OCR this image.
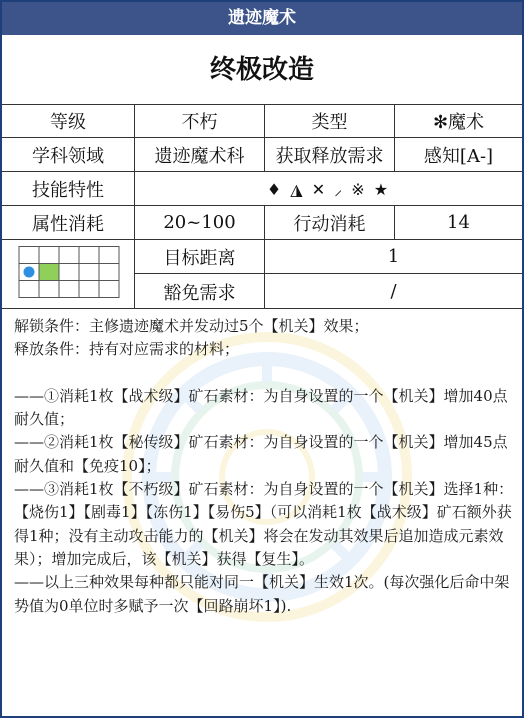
遗迹魔术
终极改造
等级	不朽	类型	✻魔术
学科领域	遗迹魔术科	获取释放需求	感知[A-]
技能特性	♦ ◮ ✕ ⸝ ※ ★
属性消耗	20~100	行动消耗	14
目标距离	1
豁免需求	/

解锁条件：主修遗迹魔术并发动过5个【机关】效果；

释放条件：持有对应需求的材料；

——①消耗1枚【战术级】矿石素材：为自身设置的一个【机关】增加40点耐久值；

——②消耗1枚【秘传级】矿石素材：为自身设置的一个【机关】增加45点耐久值和【免疫10】；

——③消耗1枚【不朽级】矿石素材：为自身设置的一个【机关】选择1种：【烧伤1】【剧毒1】【冻伤1】【易伤5】（可以消耗1枚【战术级】矿石额外获得1种；没有主动攻击能力的【机关】将会在发动其效果后追加造成元素效果）；增加完成后，该【机关】获得【复生】。

——以上三种效果每种都只能对同一【机关】生效1次。(每次强化后命中架势值为0单位时多赋予一次【回路崩坏1】).
